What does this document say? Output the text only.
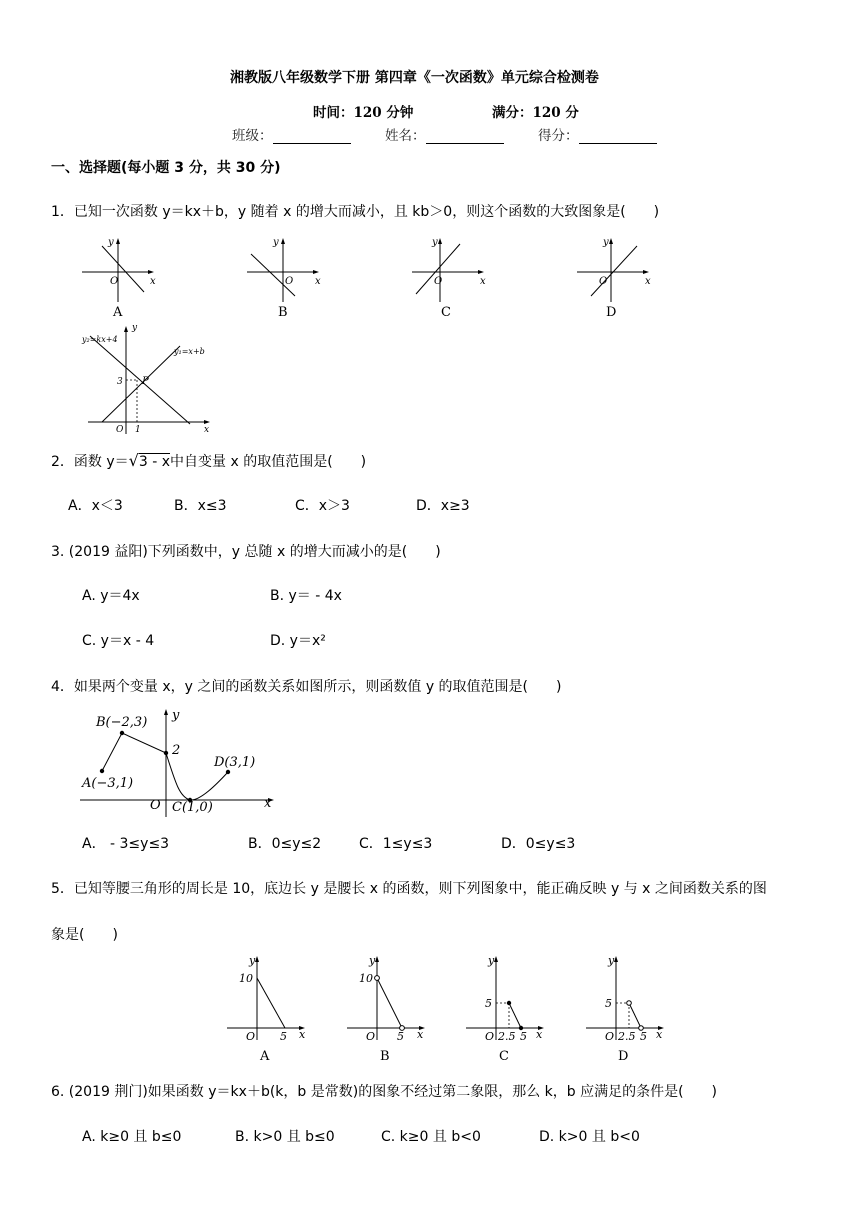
湘教版八年级数学下册 第四章《一次函数》单元综合检测卷
时间：120 分钟	满分：120 分
班级：	姓名：	得分：
一、选择题(每小题 3 分，共 30 分)
1．已知一次函数 y＝kx＋b，y 随着 x 的增大而减小，且 kb＞0，则这个函数的大致图象是(　　)
O	x
y
A
O x
y
B
O	x
y
C
O	x
y
D
y₂=kx+4
y₁=x+b
P
3
1
O	x
y
2．函数 y＝√3 - x中自变量 x 的取值范围是(　　)
A．x＜3	B．x≤3	C．x＞3	D．x≥3
3. (2019 益阳)下列函数中，y 总随 x 的增大而减小的是(　　)
A. y＝4x	B. y＝ - 4x
C. y＝x - 4	D. y＝x²
4．如果两个变量 x，y 之间的函数关系如图所示，则函数值 y 的取值范围是(　　)
B(−2,3)
A(−3,1)
D(3,1)
C(1,0)
2
O	x
y
A． - 3≤y≤3	B．0≤y≤2	C．1≤y≤3	D．0≤y≤3
5．已知等腰三角形的周长是 10，底边长 y 是腰长 x 的函数，则下列图象中，能正确反映 y 与 x 之间函数关系的图
象是(　　)
y
10
O 5 x
A
y
10
O 5 x
B
y
5
O 2.5 5 x
C
y
5
O 2.5 5 x
D
6. (2019 荆门)如果函数 y＝kx＋b(k，b 是常数)的图象不经过第二象限，那么 k，b 应满足的条件是(　　)
A. k≥0 且 b≤0	B. k>0 且 b≤0	C. k≥0 且 b<0	D. k>0 且 b<0
